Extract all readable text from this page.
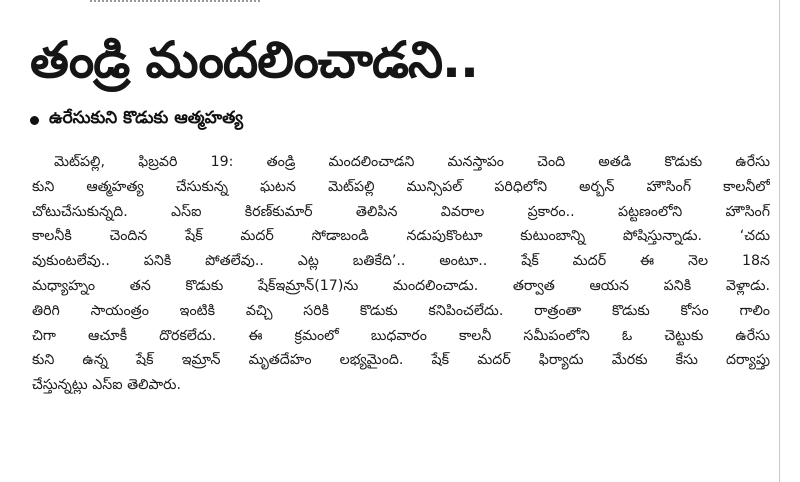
తండ్రి మందలించాడని..
ఉరేసుకుని కొడుకు ఆత్మహత్య
మెట్‌పల్లి, ఫిబ్రవరి 19: తండ్రి మందలించాడని మనస్తాపం చెంది అతడి కొడుకు ఉరేసు
కుని ఆత్మహత్య చేసుకున్న ఘటన మెట్‌పల్లి మున్సిపల్ పరిధిలోని అర్బన్ హౌసింగ్ కాలనీలో
చోటుచేసుకున్నది. ఎస్ఐ కిరణ్‌కుమార్ తెలిపిన వివరాల ప్రకారం.. పట్టణంలోని హౌసింగ్
కాలనీకి చెందిన షేక్ మదర్ సోడాబండి నడుపుకొంటూ కుటుంబాన్ని పోషిస్తున్నాడు. ‘చదు
వుకుంటలేవు.. పనికి పోతలేవు.. ఎట్ల బతికేది’.. అంటూ.. షేక్ మదర్ ఈ నెల 18న
మధ్యాహ్నం తన కొడుకు షేక్ఇమ్రాన్(17)ను మందలించాడు. తర్వాత ఆయన పనికి వెళ్లాడు.
తిరిగి సాయంత్రం ఇంటికి వచ్చి సరికి కొడుకు కనిపించలేదు. రాత్రంతా కొడుకు కోసం గాలిం
చిగా ఆచూకీ దొరకలేదు. ఈ క్రమంలో బుధవారం కాలనీ సమీపంలోని ఓ చెట్టుకు ఉరేసు
కుని ఉన్న షేక్ ఇమ్రాన్ మృతదేహం లభ్యమైంది. షేక్ మదర్ ఫిర్యాదు మేరకు కేసు దర్యాప్తు
చేస్తున్నట్లు ఎస్ఐ తెలిపారు.
